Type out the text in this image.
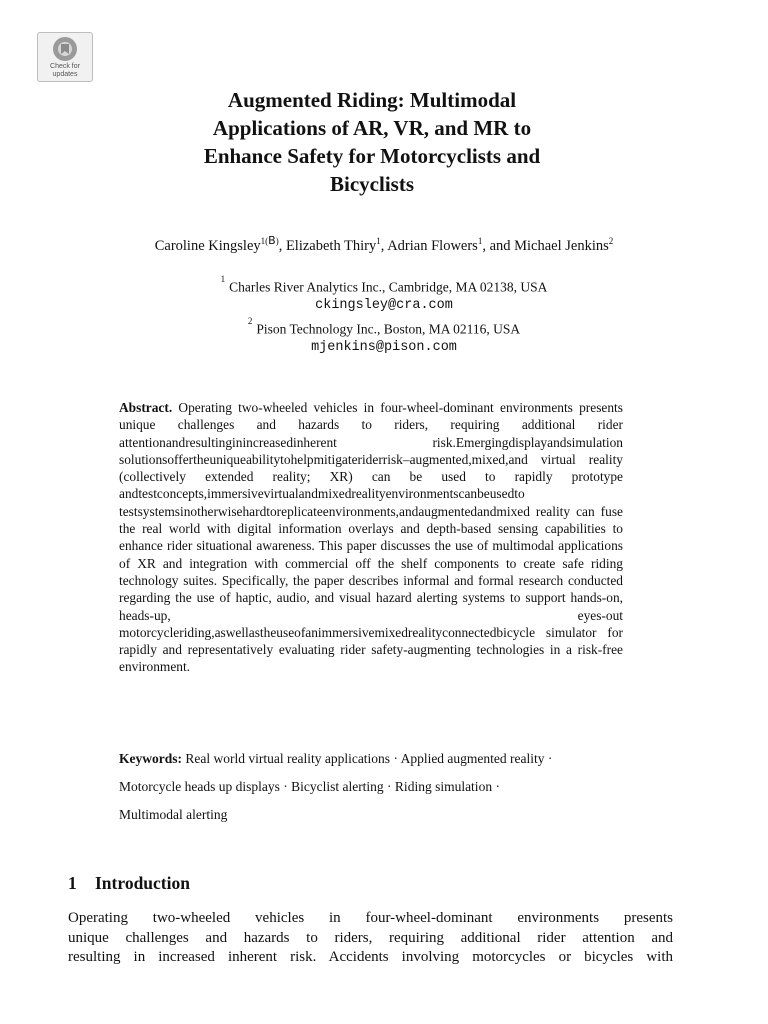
Check for
updates
Augmented Riding: Multimodal
Applications of AR, VR, and MR to
Enhance Safety for Motorcyclists and
Bicyclists
Caroline Kingsley$^{1(B)}$, Elizabeth Thiry$^1$, Adrian Flowers$^1$, and Michael Jenkins$^2$
$^1$Charles River Analytics Inc., Cambridge, MA 02138, USA
ckingsley@cra.com
$^2$Pison Technology Inc., Boston, MA 02116, USA
mjenkins@pison.com
Abstract. Operating two-wheeled vehicles in four-wheel-dominant environments presents unique challenges and hazards to riders, requiring additional rider attentionandresultinginincreasedinherent risk.Emergingdisplayandsimulation solutionsoffertheuniqueabilitytohelpmitigateriderrisk–augmented,mixed,and virtual reality (collectively extended reality; XR) can be used to rapidly prototype andtestconcepts,immersivevirtualandmixedrealityenvironmentscanbeusedto testsystemsinotherwisehardtoreplicateenvironments,andaugmentedandmixed reality can fuse the real world with digital information overlays and depth-based sensing capabilities to enhance rider situational awareness. This paper discusses the use of multimodal applications of XR and integration with commercial off the shelf components to create safe riding technology suites. Specifically, the paper describes informal and formal research conducted regarding the use of haptic, audio, and visual hazard alerting systems to support hands-on, heads-up, eyes-out motorcycleriding,aswellastheuseofanimmersivemixedrealityconnectedbicycle simulator for rapidly and representatively evaluating rider safety-augmenting technologies in a risk-free environment.
Keywords: Real world virtual reality applications · Applied augmented reality ·
Motorcycle heads up displays · Bicyclist alerting · Riding simulation ·
Multimodal alerting
1 Introduction
Operating two-wheeled vehicles in four-wheel-dominant environments presents
unique challenges and hazards to riders, requiring additional rider attention and
resulting in increased inherent risk. Accidents involving motorcycles or bicycles with
